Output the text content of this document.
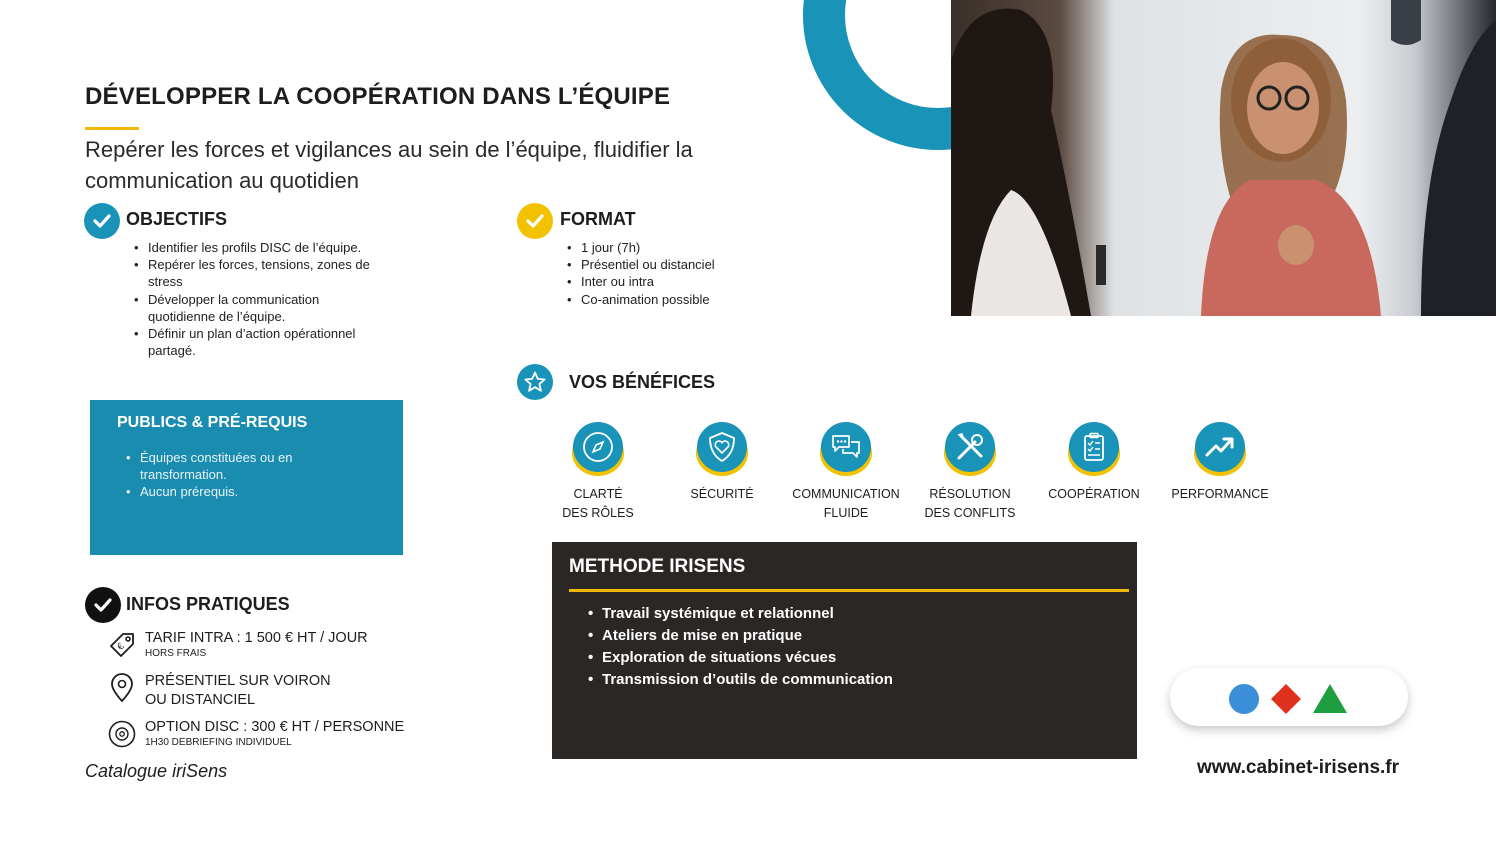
DÉVELOPPER LA COOPÉRATION DANS L’ÉQUIPE
Repérer les forces et vigilances au sein de l’équipe, fluidifier la communication au quotidien
OBJECTIFS
• Identifier les profils DISC de l’équipe.
• Repérer les forces, tensions, zones de stress
• Développer la communication quotidienne de l’équipe.
• Définir un plan d’action opérationnel partagé.
FORMAT
• 1 jour (7h)
• Présentiel ou distanciel
• Inter ou intra
• Co-animation possible
PUBLICS & PRÉ-REQUIS
• Équipes constituées ou en transformation.
• Aucun prérequis.
INFOS PRATIQUES
€
TARIF INTRA : 1 500 € HT / JOUR
HORS FRAIS
PRÉSENTIEL SUR VOIRON
OU DISTANCIEL
OPTION DISC : 300 € HT / PERSONNE
1H30 DEBRIEFING INDIVIDUEL
Catalogue iriSens
VOS BÉNÉFICES
CLARTÉ
DES RÔLES
SÉCURITÉ	COMMUNICATION
FLUIDE
RÉSOLUTION
DES CONFLITS
COOPÉRATION	PERFORMANCE
METHODE IRISENS
• Travail systémique et relationnel
• Ateliers de mise en pratique
• Exploration de situations vécues
• Transmission d’outils de communication
www.cabinet-irisens.fr
